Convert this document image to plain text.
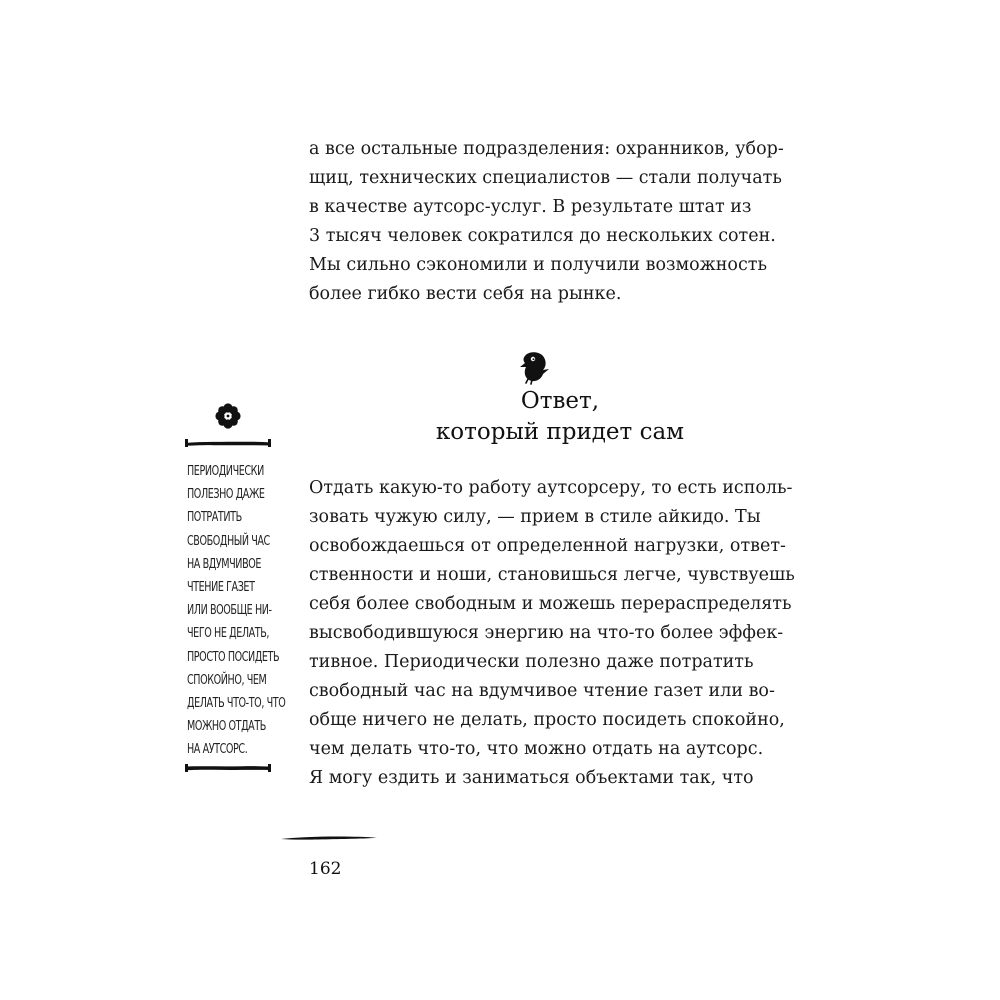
а все остальные подразделения: охранников, убор-
щиц, технических специалистов — стали получать
в качестве аутсорс-услуг. В результате штат из
3 тысяч человек сократился до нескольких сотен.
Мы сильно сэкономили и получили возможность
более гибко вести себя на рынке.
Ответ,
который придет сам
ПЕРИОДИЧЕСКИ
ПОЛЕЗНО ДАЖЕ
ПОТРАТИТЬ
СВОБОДНЫЙ ЧАС
НА ВДУМЧИВОЕ
ЧТЕНИЕ ГАЗЕТ
ИЛИ ВООБЩЕ НИ-
ЧЕГО НЕ ДЕЛАТЬ,
ПРОСТО ПОСИДЕТЬ
СПОКОЙНО, ЧЕМ
ДЕЛАТЬ ЧТО-ТО, ЧТО
МОЖНО ОТДАТЬ
НА АУТСОРС.
Отдать какую-то работу аутсорсеру, то есть исполь-
зовать чужую силу, — прием в стиле айкидо. Ты
освобождаешься от определенной нагрузки, ответ-
ственности и ноши, становишься легче, чувствуешь
себя более свободным и можешь перераспределять
высвободившуюся энергию на что-то более эффек-
тивное. Периодически полезно даже потратить
свободный час на вдумчивое чтение газет или во-
обще ничего не делать, просто посидеть спокойно,
чем делать что-то, что можно отдать на аутсорс.
Я могу ездить и заниматься объектами так, что
162
